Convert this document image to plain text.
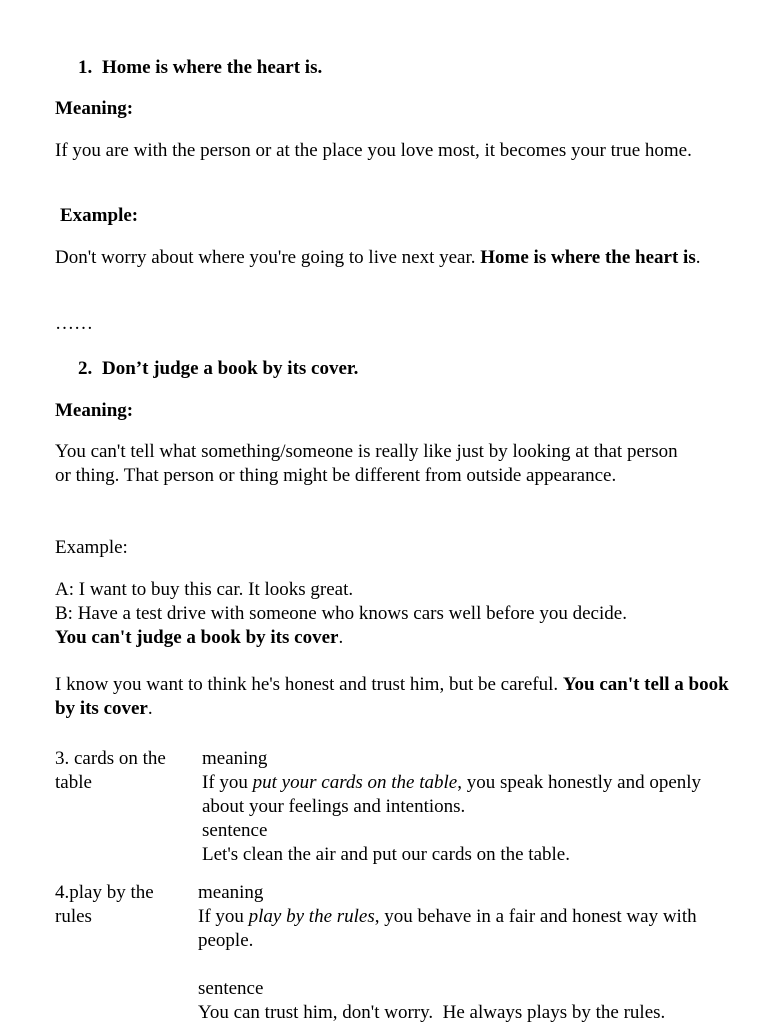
1. Home is where the heart is.
Meaning:
If you are with the person or at the place you love most, it becomes your true home.
Example:
Don't worry about where you're going to live next year. Home is where the heart is.
……
2. Don’t judge a book by its cover.
Meaning:
You can't tell what something/someone is really like just by looking at that person or thing. That person or thing might be different from outside appearance.
Example:
A: I want to buy this car. It looks great.
B: Have a test drive with someone who knows cars well before you decide.
You can't judge a book by its cover.
I know you want to think he's honest and trust him, but be careful. You can't tell a book by its cover.
3. cards on the table
meaning
If you put your cards on the table, you speak honestly and openly about your feelings and intentions.
sentence
Let's clean the air and put our cards on the table.
4.play by the rules
meaning
If you play by the rules, you behave in a fair and honest way with people.
sentence
You can trust him, don't worry.  He always plays by the rules.
